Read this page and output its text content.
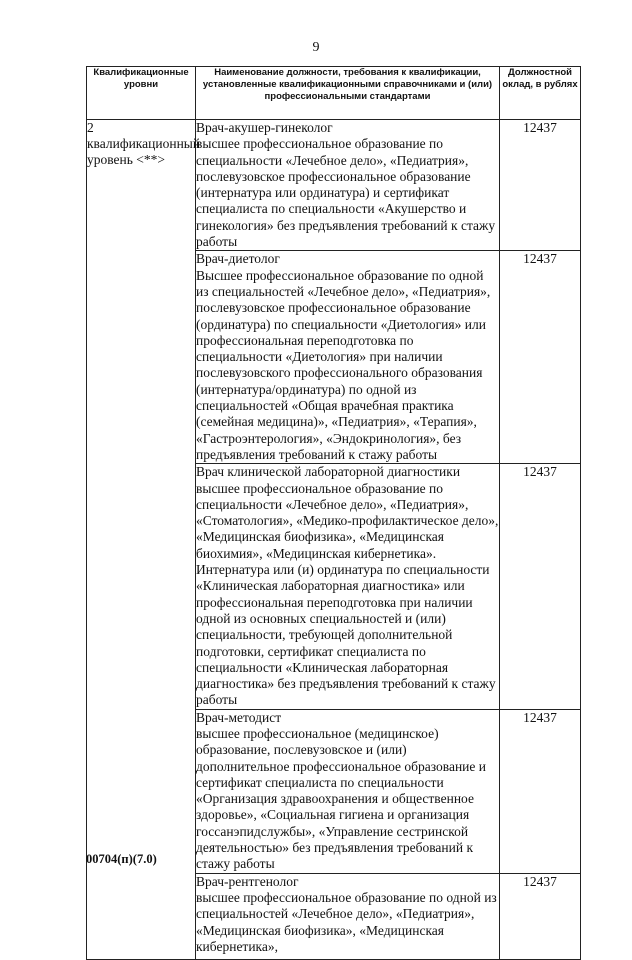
9
Квалификационные уровни	Наименование должности, требования к квалификации, установленные квалификационными справочниками и (или) профессиональными стандартами	Должностной оклад, в рублях
2 квалификационный уровень <**>	Врач-акушер-гинеколог
высшее профессиональное образование по специальности «Лечебное дело», «Педиатрия», послевузовское профессиональное образование (интернатура или ординатура) и сертификат специалиста по специальности «Акушерство и гинекология» без предъявления требований к стажу работы	12437

	Врач-диетолог
Высшее профессиональное образование по одной из специальностей «Лечебное дело», «Педиатрия», послевузовское профессиональное образование (ординатура) по специальности «Диетология» или профессиональная переподготовка по специальности «Диетология» при наличии послевузовского профессионального образования (интернатура/ординатура) по одной из специальностей «Общая врачебная практика (семейная медицина)», «Педиатрия», «Терапия», «Гастроэнтерология», «Эндокринология», без предъявления требований к стажу работы	12437

	Врач клинической лабораторной диагностики
высшее профессиональное образование по специальности «Лечебное дело», «Педиатрия», «Стоматология», «Медико-профилактическое дело», «Медицинская биофизика», «Медицинская биохимия», «Медицинская кибернетика». Интернатура или (и) ординатура по специальности «Клиническая лабораторная диагностика» или профессиональная переподготовка при наличии одной из основных специальностей и (или) специальности, требующей дополнительной подготовки, сертификат специалиста по специальности «Клиническая лабораторная диагностика» без предъявления требований к стажу работы	12437

	Врач-методист
высшее профессиональное (медицинское) образование, послевузовское и (или) дополнительное профессиональное образование и сертификат специалиста по специальности «Организация здравоохранения и общественное здоровье», «Социальная гигиена и организация госсанэпидслужбы», «Управление сестринской деятельностью» без предъявления требований к стажу работы	12437

	Врач-рентгенолог
высшее профессиональное образование по одной из специальностей «Лечебное дело», «Педиатрия», «Медицинская биофизика», «Медицинская кибернетика»,	12437
00704(п)(7.0)
